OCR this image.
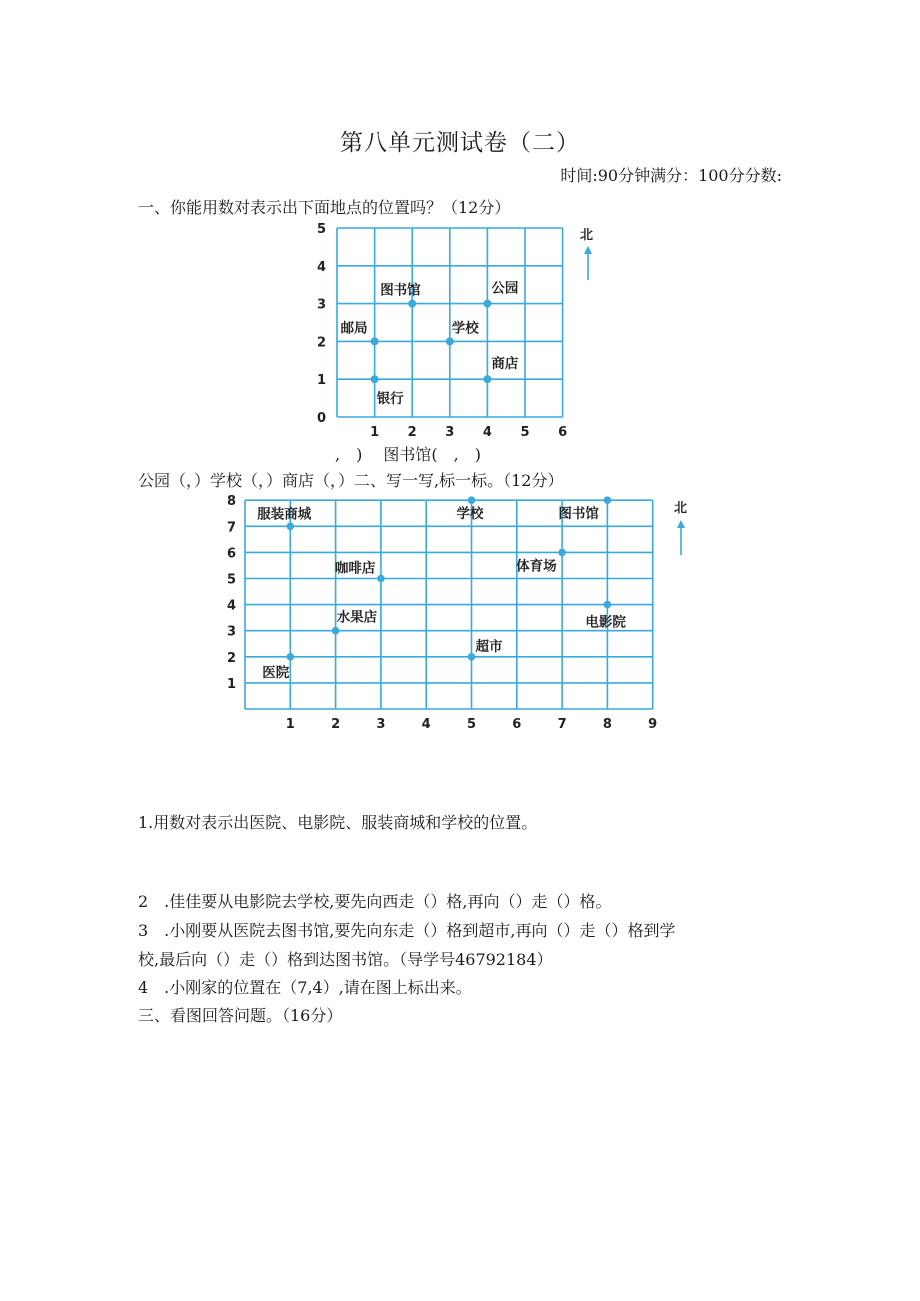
第八单元测试卷（二）
时间:90分钟满分：100分分数:
一、你能用数对表示出下面地点的位置吗？（12分）
1 2 3 4 5 6
0
1
2
3
4
5
图书馆	公园
邮局	学校
银行
商店
北
,　)　 图书馆(　,　)
公园（，）学校（，）商店（，）二、写一写,标一标。（12分）
1	2	3	4	5	6	7	8	9
1
2
3
4
5
6
7
8
服装商城	学校	图书馆
咖啡店	体育场
电影院
水果店
超市
医院
北
1.用数对表示出医院、电影院、服装商城和学校的位置。
2　.佳佳要从电影院去学校,要先向西走（）格,再向（）走（）格。
3　.小刚要从医院去图书馆,要先向东走（）格到超市,再向（）走（）格到学
校,最后向（）走（）格到达图书馆。（导学号46792184）
4　.小刚家的位置在（7,4）,请在图上标出来。
三、看图回答问题。（16分）
